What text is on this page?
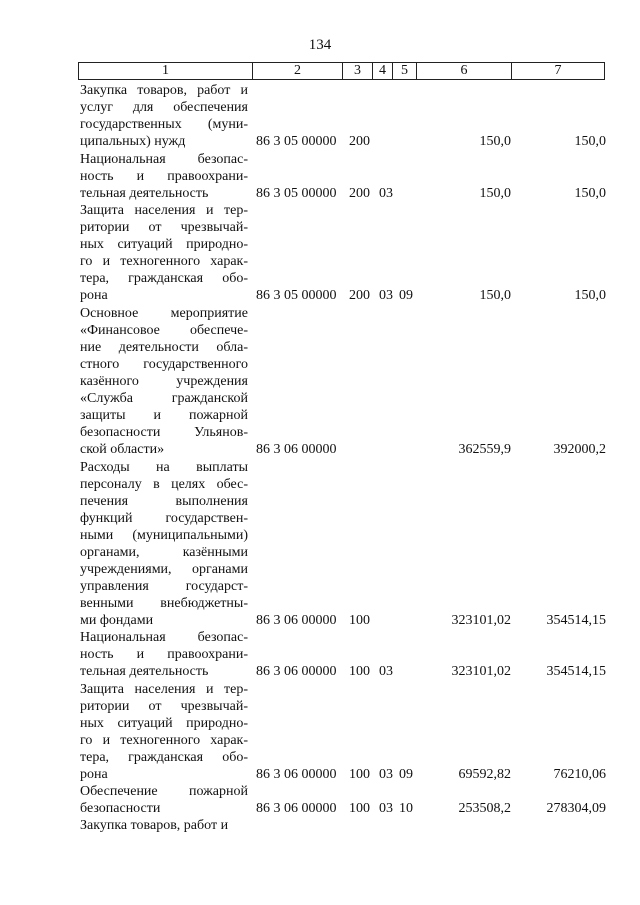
134
1	2	3	4	5	6	7
Закупка товаров, работ и
услуг для обеспечения
государственных (муни-
ципальных) нужд	86 3 05 00000 200	150,0	150,0
Национальная безопас-
ность и правоохрани-
тельная деятельность	86 3 05 00000 200 03	150,0	150,0
Защита населения и тер-
ритории от чрезвычай-
ных ситуаций природно-
го и техногенного харак-
тера, гражданская обо-
рона	86 3 05 00000 200 03 09	150,0	150,0
Основное мероприятие
«Финансовое обеспече-
ние деятельности обла-
стного государственного
казённого учреждения
«Служба гражданской
защиты и пожарной
безопасности Ульянов-
ской области»	86 3 06 00000	362559,9	392000,2
Расходы на выплаты
персоналу в целях обес-
печения выполнения
функций государствен-
ными (муниципальными)
органами, казёнными
учреждениями, органами
управления государст-
венными внебюджетны-
ми фондами	86 3 06 00000 100	323101,02	354514,15
Национальная безопас-
ность и правоохрани-
тельная деятельность	86 3 06 00000 100 03	323101,02	354514,15
Защита населения и тер-
ритории от чрезвычай-
ных ситуаций природно-
го и техногенного харак-
тера, гражданская обо-
рона	86 3 06 00000 100 03 09	69592,82	76210,06
Обеспечение пожарной
безопасности	86 3 06 00000 100 03 10	253508,2	278304,09
Закупка товаров, работ и
